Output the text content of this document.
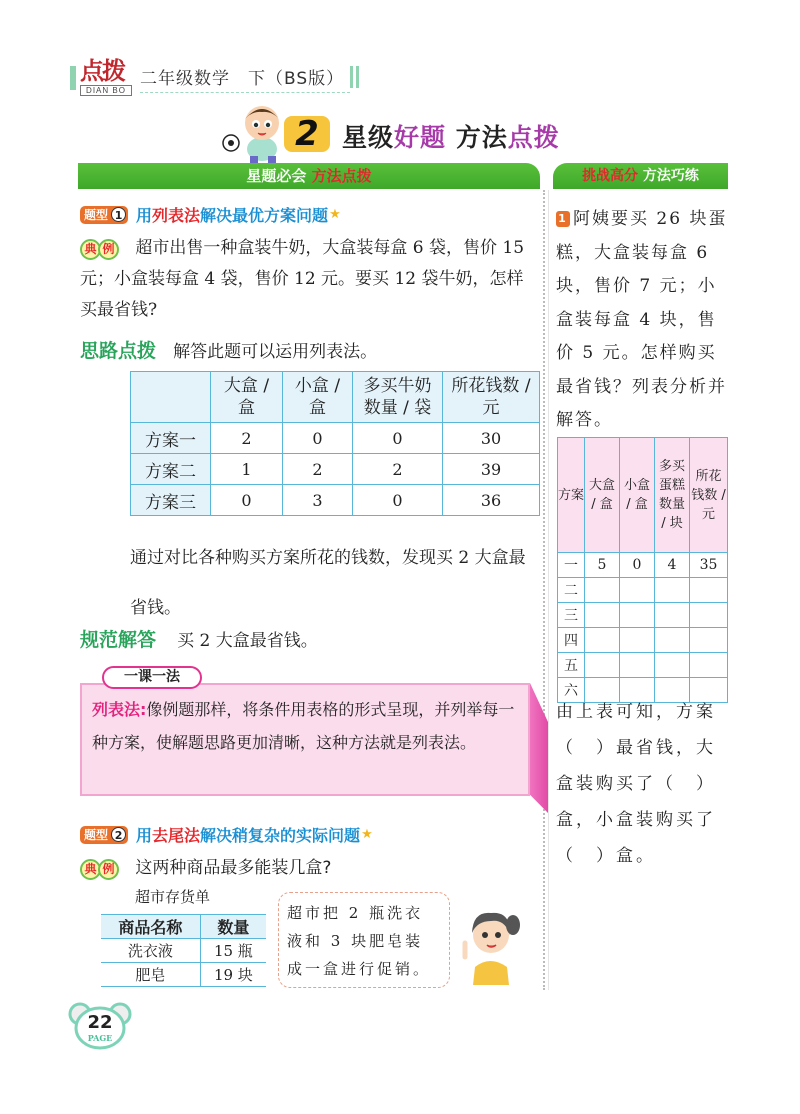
点拨
DIAN BO
二年级数学　下（BS版）
2 星级好题 方法点拨
星题必会 方法点拨	挑战高分 方法巧练
题型 1 用列表法解决最优方案问题 ★
典 例 超市出售一种盒装牛奶，大盒装每盒 6 袋，售价 15 元；小盒装每盒 4 袋，售价 12 元。要买 12 袋牛奶，怎样买最省钱?
思路点拨 解答此题可以运用列表法。
	大盒 / 盒	小盒 / 盒	多买牛奶数量 / 袋	所花钱数 / 元
方案一	2	0	0	30
方案二	1	2	2	39
方案三	0	3	0	36
通过对比各种购买方案所花的钱数，发现买 2 大盒最省钱。
规范解答 买 2 大盒最省钱。
一课一法
列表法:像例题那样，将条件用表格的形式呈现，并列举每一种方案，使解题思路更加清晰，这种方法就是列表法。
题型 2 用去尾法解决稍复杂的实际问题 ★
典 例 这两种商品最多能装几盒?
超市存货单
商品名称	数量
洗衣液	15 瓶
肥皂	19 块
超市把 2 瓶洗衣液和 3 块肥皂装成一盒进行促销。
1 阿姨要买 26 块蛋糕，大盒装每盒 6 块，售价 7 元；小盒装每盒 4 块，售价 5 元。怎样购买最省钱？列表分析并解答。
方案	大盒 / 盒	小盒 / 盒	多买蛋糕数量 / 块	所花钱数 / 元
一	5	0	4	35
二				
三				
四				
五				
六				
由上表可知，方案（　）最省钱，大盒装购买了（　）盒，小盒装购买了（　）盒。
22
PAGE
